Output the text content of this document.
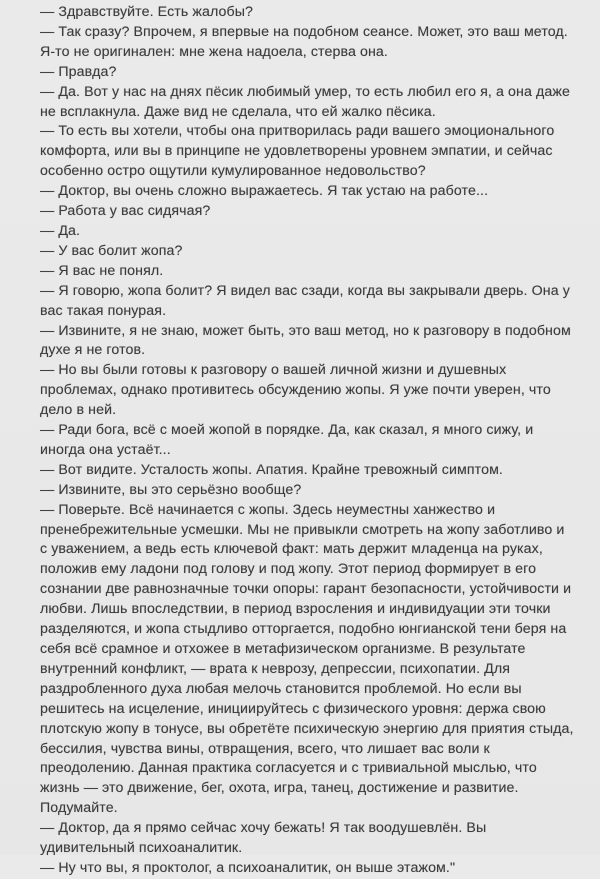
— Здравствуйте. Есть жалобы?

— Так сразу? Впрочем, я впервые на подобном сеансе. Может, это ваш метод. Я-то не оригинален: мне жена надоела, стерва она.

— Правда?

— Да. Вот у нас на днях пёсик любимый умер, то есть любил его я, а она даже не всплакнула. Даже вид не сделала, что ей жалко пёсика.

— То есть вы хотели, чтобы она притворилась ради вашего эмоционального комфорта, или вы в принципе не удовлетворены уровнем эмпатии, и сейчас особенно остро ощутили кумулированное недовольство?

— Доктор, вы очень сложно выражаетесь. Я так устаю на работе...

— Работа у вас сидячая?

— Да.

— У вас болит жопа?

— Я вас не понял.

— Я говорю, жопа болит? Я видел вас сзади, когда вы закрывали дверь. Она у вас такая понурая.

— Извините, я не знаю, может быть, это ваш метод, но к разговору в подобном духе я не готов.

— Но вы были готовы к разговору о вашей личной жизни и душевных проблемах, однако противитесь обсуждению жопы. Я уже почти уверен, что дело в ней.

— Ради бога, всё с моей жопой в порядке. Да, как сказал, я много сижу, и иногда она устаёт...

— Вот видите. Усталость жопы. Апатия. Крайне тревожный симптом.

— Извините, вы это серьёзно вообще?

— Поверьте. Всё начинается с жопы. Здесь неуместны ханжество и пренебрежительные усмешки. Мы не привыкли смотреть на жопу заботливо и с уважением, а ведь есть ключевой факт: мать держит младенца на руках, положив ему ладони под голову и под жопу. Этот период формирует в его сознании две равнозначные точки опоры: гарант безопасности, устойчивости и любви. Лишь впоследствии, в период взросления и индивидуации эти точки разделяются, и жопа стыдливо отторгается, подобно юнгианской тени беря на себя всё срамное и отхожее в метафизическом организме. В результате внутренний конфликт, — врата к неврозу, депрессии, психопатии. Для раздробленного духа любая мелочь становится проблемой. Но если вы решитесь на исцеление, инициируйтесь с физического уровня: держа свою плотскую жопу в тонусе, вы обретёте психическую энергию для приятия стыда, бессилия, чувства вины, отвращения, всего, что лишает вас воли к преодолению. Данная практика согласуется и с тривиальной мыслью, что жизнь — это движение, бег, охота, игра, танец, достижение и развитие. Подумайте.

— Доктор, да я прямо сейчас хочу бежать! Я так воодушевлён. Вы удивительный психоаналитик.

— Ну что вы, я проктолог, а психоаналитик, он выше этажом."
